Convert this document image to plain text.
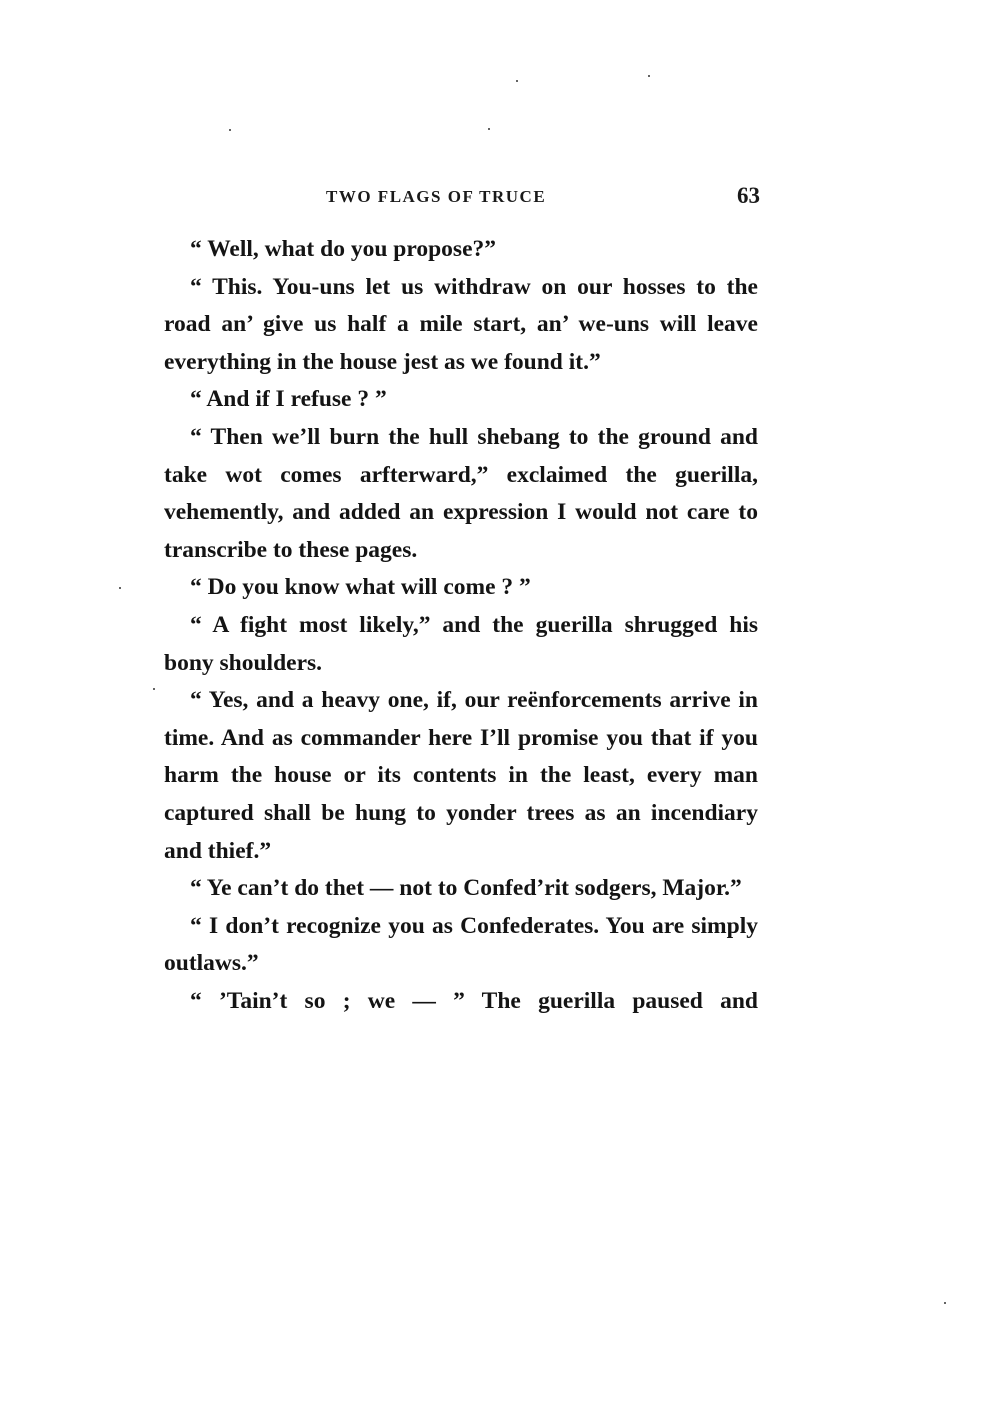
TWO FLAGS OF TRUCE	63

“ Well, what do you propose?”

“ This. You-uns let us withdraw on our hosses to the road an’ give us half a mile start, an’ we-uns will leave everything in the house jest as we found it.”

“ And if I refuse ? ”

“ Then we’ll burn the hull shebang to the ground and take wot comes arfterward,” exclaimed the guerilla, vehemently, and added an expression I would not care to transcribe to these pages.

“ Do you know what will come ? ”

“ A fight most likely,” and the guerilla shrugged his bony shoulders.

“ Yes, and a heavy one, if, our reënforcements arrive in time. And as commander here I’ll promise you that if you harm the house or its contents in the least, every man captured shall be hung to yonder trees as an incendiary and thief.”

“ Ye can’t do thet — not to Confed’rit sodgers, Major.”

“ I don’t recognize you as Confederates. You are simply outlaws.”

“ ’Tain’t so ; we — ” The guerilla paused and
